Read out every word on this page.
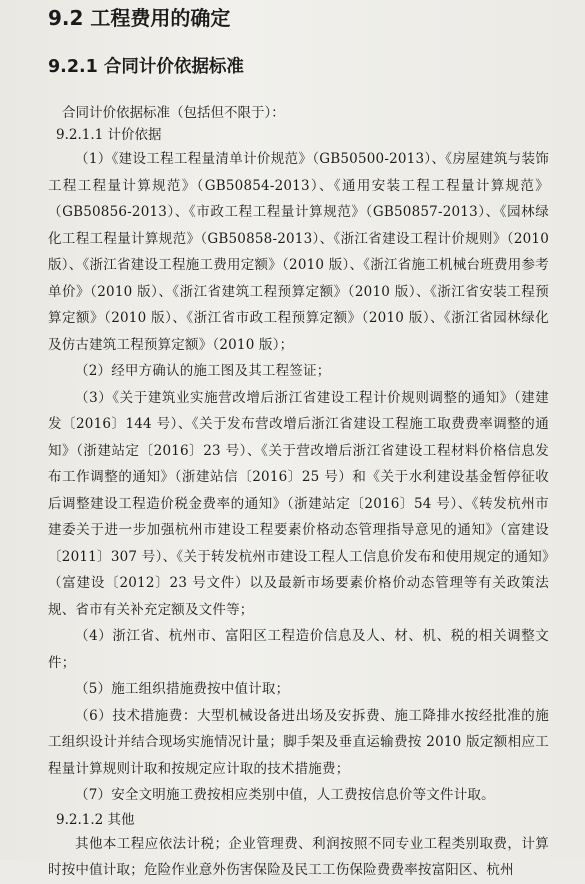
9.2 工程费用的确定
9.2.1 合同计价依据标准

合同计价依据标准（包括但不限于）：

9.2.1.1 计价依据

（1）《建设工程工程量清单计价规范》（GB50500-2013）、《房屋建筑与装饰工程工程量计算规范》（GB50854-2013）、《通用安装工程工程量计算规范》（GB50856-2013）、《市政工程工程量计算规范》（GB50857-2013）、《园林绿化工程工程量计算规范》（GB50858-2013）、《浙江省建设工程计价规则》（2010 版）、《浙江省建设工程施工费用定额》（2010 版）、《浙江省施工机械台班费用参考单价》（2010 版）、《浙江省建筑工程预算定额》（2010 版）、《浙江省安装工程预算定额》（2010 版）、《浙江省市政工程预算定额》（2010 版）、《浙江省园林绿化及仿古建筑工程预算定额》（2010 版）；

（2）经甲方确认的施工图及其工程签证；

（3）《关于建筑业实施营改增后浙江省建设工程计价规则调整的通知》（建建发〔2016〕144 号）、《关于发布营改增后浙江省建设工程施工取费费率调整的通知》（浙建站定〔2016〕23 号）、《关于营改增后浙江省建设工程材料价格信息发布工作调整的通知》（浙建站信〔2016〕25 号）和《关于水利建设基金暂停征收后调整建设工程造价税金费率的通知》（浙建站定〔2016〕54 号）、《转发杭州市建委关于进一步加强杭州市建设工程要素价格动态管理指导意见的通知》（富建设〔2011〕307 号）、《关于转发杭州市建设工程人工信息价发布和使用规定的通知》（富建设〔2012〕23 号文件）以及最新市场要素价格价动态管理等有关政策法规、省市有关补充定额及文件等；

（4）浙江省、杭州市、富阳区工程造价信息及人、材、机、税的相关调整文件；

（5）施工组织措施费按中值计取；

（6）技术措施费：大型机械设备进出场及安拆费、施工降排水按经批准的施工组织设计并结合现场实施情况计量；脚手架及垂直运输费按 2010 版定额相应工程量计算规则计取和按规定应计取的技术措施费；

（7）安全文明施工费按相应类别中值，人工费按信息价等文件计取。

9.2.1.2 其他

其他本工程应依法计税；企业管理费、利润按照不同专业工程类别取费，计算时按中值计取；危险作业意外伤害保险及民工工伤保险费费率按富阳区、杭州
